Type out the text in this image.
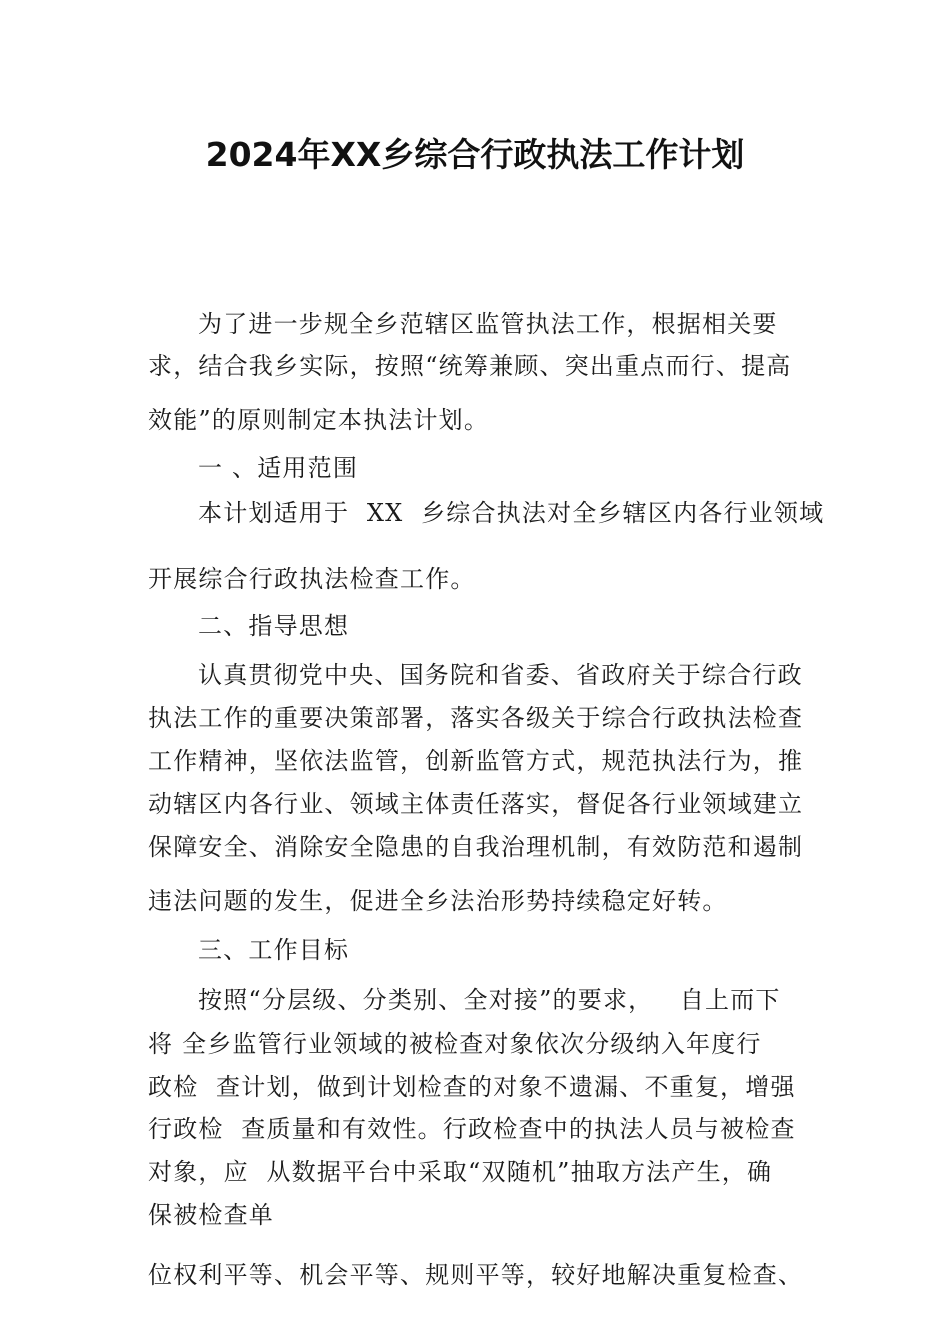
2024年XX乡综合行政执法工作计划
为了进一步规全乡范辖区监管执法工作，根据相关要
求，结合我乡实际，按照“统筹兼顾、突出重点而行、提高
效能”的原则制定本执法计划。
一 、适用范围
本计划适用于  XX  乡综合执法对全乡辖区内各行业领域
开展综合行政执法检查工作。
二、指导思想
认真贯彻党中央、国务院和省委、省政府关于综合行政
执法工作的重要决策部署，落实各级关于综合行政执法检查
工作精神，坚依法监管，创新监管方式，规范执法行为，推
动辖区内各行业、领域主体责任落实，督促各行业领域建立
保障安全、消除安全隐患的自我治理机制，有效防范和遏制
违法问题的发生，促进全乡法治形势持续稳定好转。
三、工作目标
按照“分层级、分类别、全对接”的要求，   自上而下
将 全乡监管行业领域的被检查对象依次分级纳入年度行
政检  查计划，做到计划检查的对象不遗漏、不重复，增强
行政检  查质量和有效性。行政检查中的执法人员与被检查
对象，应  从数据平台中采取“双随机”抽取方法产生，确
保被检查单
位权利平等、机会平等、规则平等，较好地解决重复检查、
